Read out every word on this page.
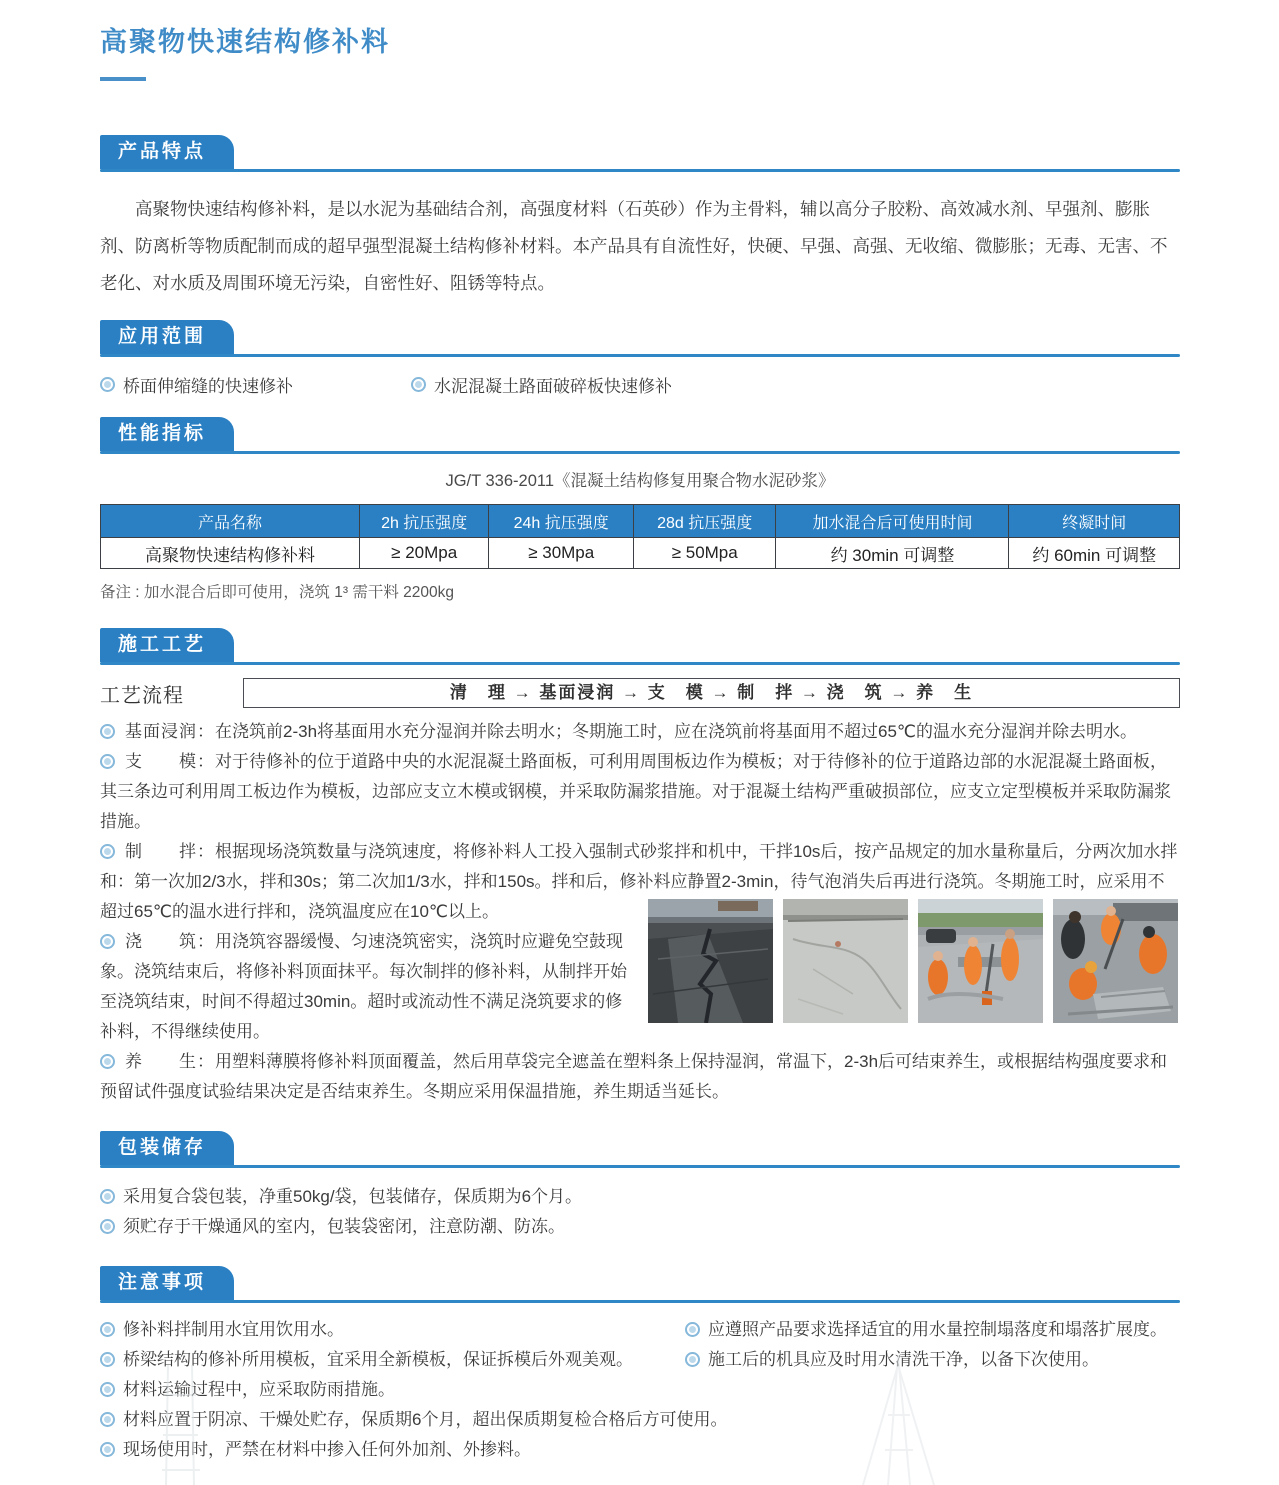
高聚物快速结构修补料
产品特点

高聚物快速结构修补料，是以水泥为基础结合剂，高强度材料（石英砂）作为主骨料，辅以高分子胶粉、高效减水剂、早强剂、膨胀剂、防离析等物质配制而成的超早强型混凝土结构修补材料。本产品具有自流性好，快硬、早强、高强、无收缩、微膨胀；无毒、无害、不老化、对水质及周围环境无污染，自密性好、阻锈等特点。

应用范围
桥面伸缩缝的快速修补	水泥混凝土路面破碎板快速修补
性能指标
JG/T 336-2011《混凝土结构修复用聚合物水泥砂浆》
产品名称	2h 抗压强度	24h 抗压强度	28d 抗压强度	加水混合后可使用时间	终凝时间
高聚物快速结构修补料	≥ 20Mpa	≥ 30Mpa	≥ 50Mpa	约 30min 可调整	约 60min 可调整
备注 : 加水混合后即可使用，浇筑 1³ 需干料 2200kg
施工工艺
工艺流程	清　理 → 基面浸润 → 支　模 → 制　拌 → 浇　筑 → 养　生

基面浸润：在浇筑前2-3h将基面用水充分湿润并除去明水；冬期施工时，应在浇筑前将基面用不超过65℃的温水充分湿润并除去明水。

支　　模：对于待修补的位于道路中央的水泥混凝土路面板，可利用周围板边作为模板；对于待修补的位于道路边部的水泥混凝土路面板，其三条边可利用周工板边作为模板，边部应支立木模或钢模，并采取防漏浆措施。对于混凝土结构严重破损部位，应支立定型模板并采取防漏浆措施。

制　　拌：根据现场浇筑数量与浇筑速度，将修补料人工投入强制式砂浆拌和机中，干拌10s后，按产品规定的加水量称量后，分两次加水拌和：第一次加2/3水，拌和30s；第二次加1/3水，拌和150s。拌和后，修补料应静置2-3min，待气泡消失后再进行浇筑。冬期施工时，应采用不超过65℃的温水进行拌和，浇筑温度应在10℃以上。

浇　　筑：用浇筑容器缓慢、匀速浇筑密实，浇筑时应避免空鼓现象。浇筑结束后，将修补料顶面抹平。每次制拌的修补料，从制拌开始至浇筑结束，时间不得超过30min。超时或流动性不满足浇筑要求的修补料，不得继续使用。

养　　生：用塑料薄膜将修补料顶面覆盖，然后用草袋完全遮盖在塑料条上保持湿润，常温下，2-3h后可结束养生，或根据结构强度要求和预留试件强度试验结果决定是否结束养生。冬期应采用保温措施，养生期适当延长。

包装储存
采用复合袋包装，净重50kg/袋，包装储存，保质期为6个月。
须贮存于干燥通风的室内，包装袋密闭，注意防潮、防冻。
注意事项
修补料拌制用水宜用饮用水。	应遵照产品要求选择适宜的用水量控制塌落度和塌落扩展度。
桥梁结构的修补所用模板，宜采用全新模板，保证拆模后外观美观。	施工后的机具应及时用水清洗干净，以备下次使用。
材料运输过程中，应采取防雨措施。
材料应置于阴凉、干燥处贮存，保质期6个月，超出保质期复检合格后方可使用。
现场使用时，严禁在材料中掺入任何外加剂、外掺料。
